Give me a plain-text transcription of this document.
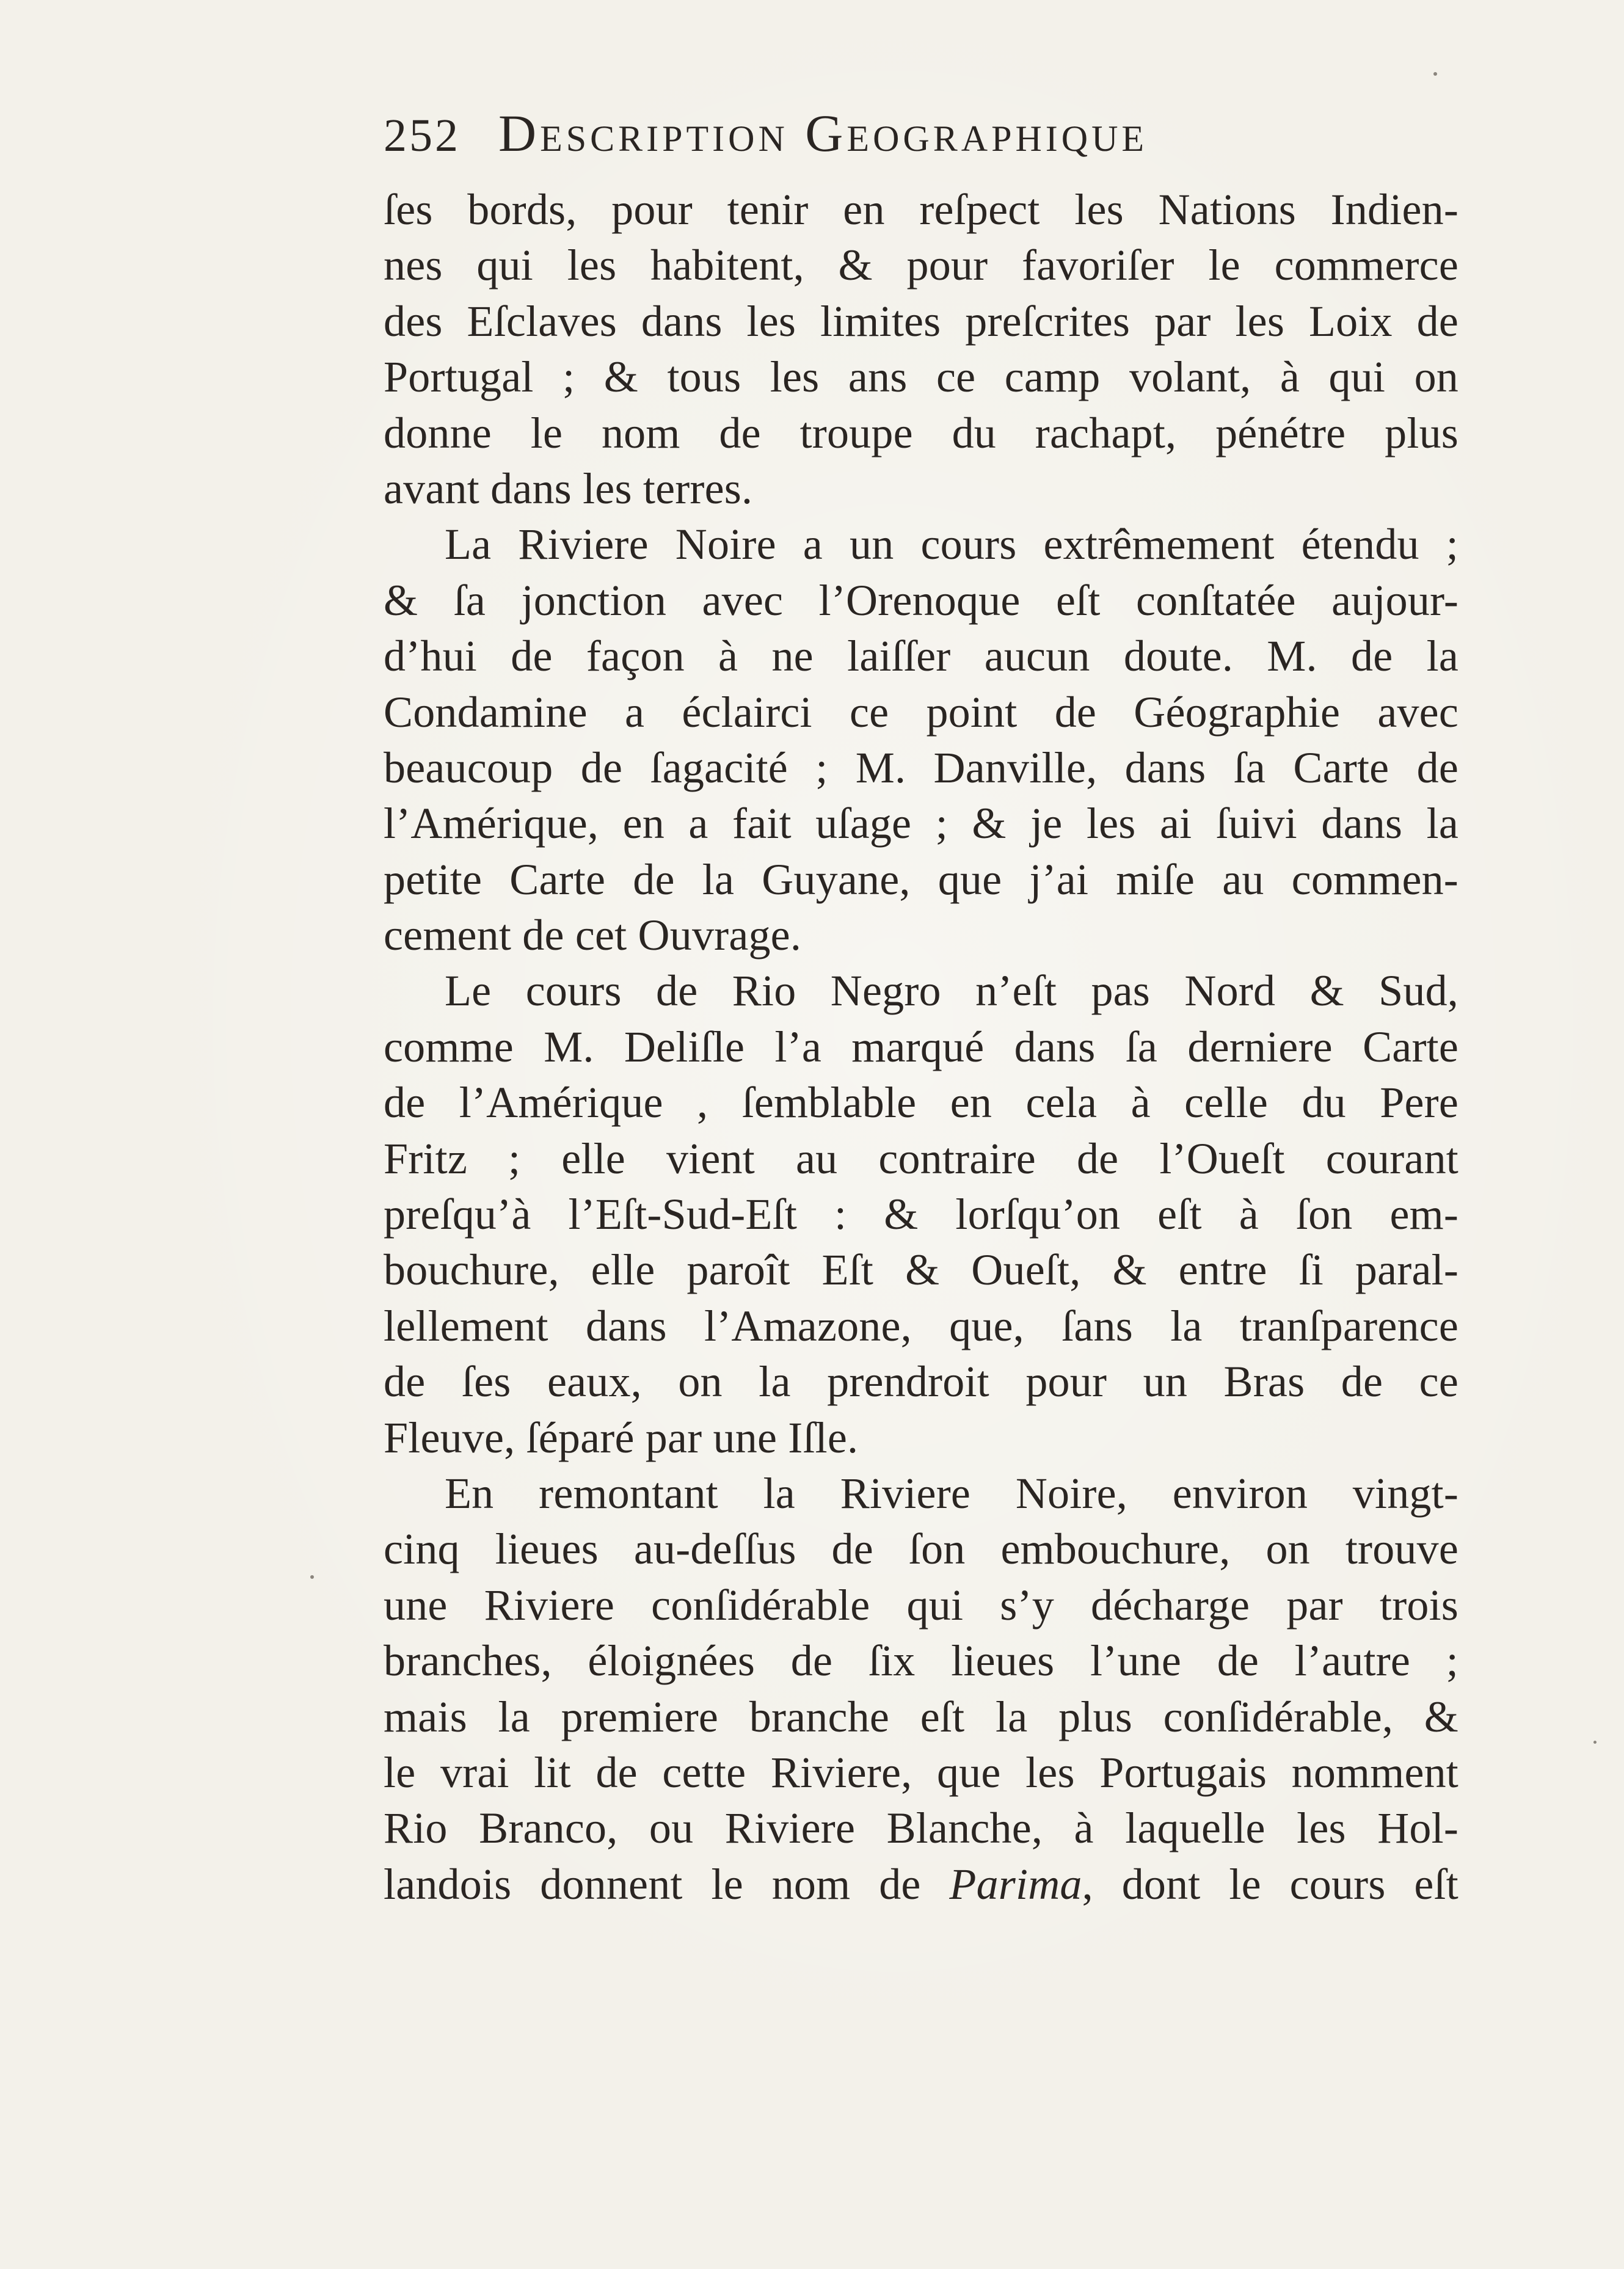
252 Description Geographique
ſes bords, pour tenir en reſpect les Nations Indien-
nes qui les habitent, & pour favoriſer le commerce
des Eſclaves dans les limites preſcrites par les Loix de
Portugal ; & tous les ans ce camp volant, à qui on
donne le nom de troupe du rachapt, pénétre plus
avant dans les terres.
La Riviere Noire a un cours extrêmement étendu ;
& ſa jonction avec l’Orenoque eſt conſtatée aujour-
d’hui de façon à ne laiſſer aucun doute. M. de la
Condamine a éclairci ce point de Géographie avec
beaucoup de ſagacité ; M. Danville, dans ſa Carte de
l’Amérique, en a fait uſage ; & je les ai ſuivi dans la
petite Carte de la Guyane, que j’ai miſe au commen-
cement de cet Ouvrage.
Le cours de Rio Negro n’eſt pas Nord & Sud,
comme M. Deliſle l’a marqué dans ſa derniere Carte
de l’Amérique , ſemblable en cela à celle du Pere
Fritz ; elle vient au contraire de l’Oueſt courant
preſqu’à l’Eſt-Sud-Eſt : & lorſqu’on eſt à ſon em-
bouchure, elle paroît Eſt & Oueſt, & entre ſi paral-
lellement dans l’Amazone, que, ſans la tranſparence
de ſes eaux, on la prendroit pour un Bras de ce
Fleuve, ſéparé par une Iſle.
En remontant la Riviere Noire, environ vingt-
cinq lieues au-deſſus de ſon embouchure, on trouve
une Riviere conſidérable qui s’y décharge par trois
branches, éloignées de ſix lieues l’une de l’autre ;
mais la premiere branche eſt la plus conſidérable, &
le vrai lit de cette Riviere, que les Portugais nomment
Rio Branco, ou Riviere Blanche, à laquelle les Hol-
landois donnent le nom de Parima, dont le cours eſt
